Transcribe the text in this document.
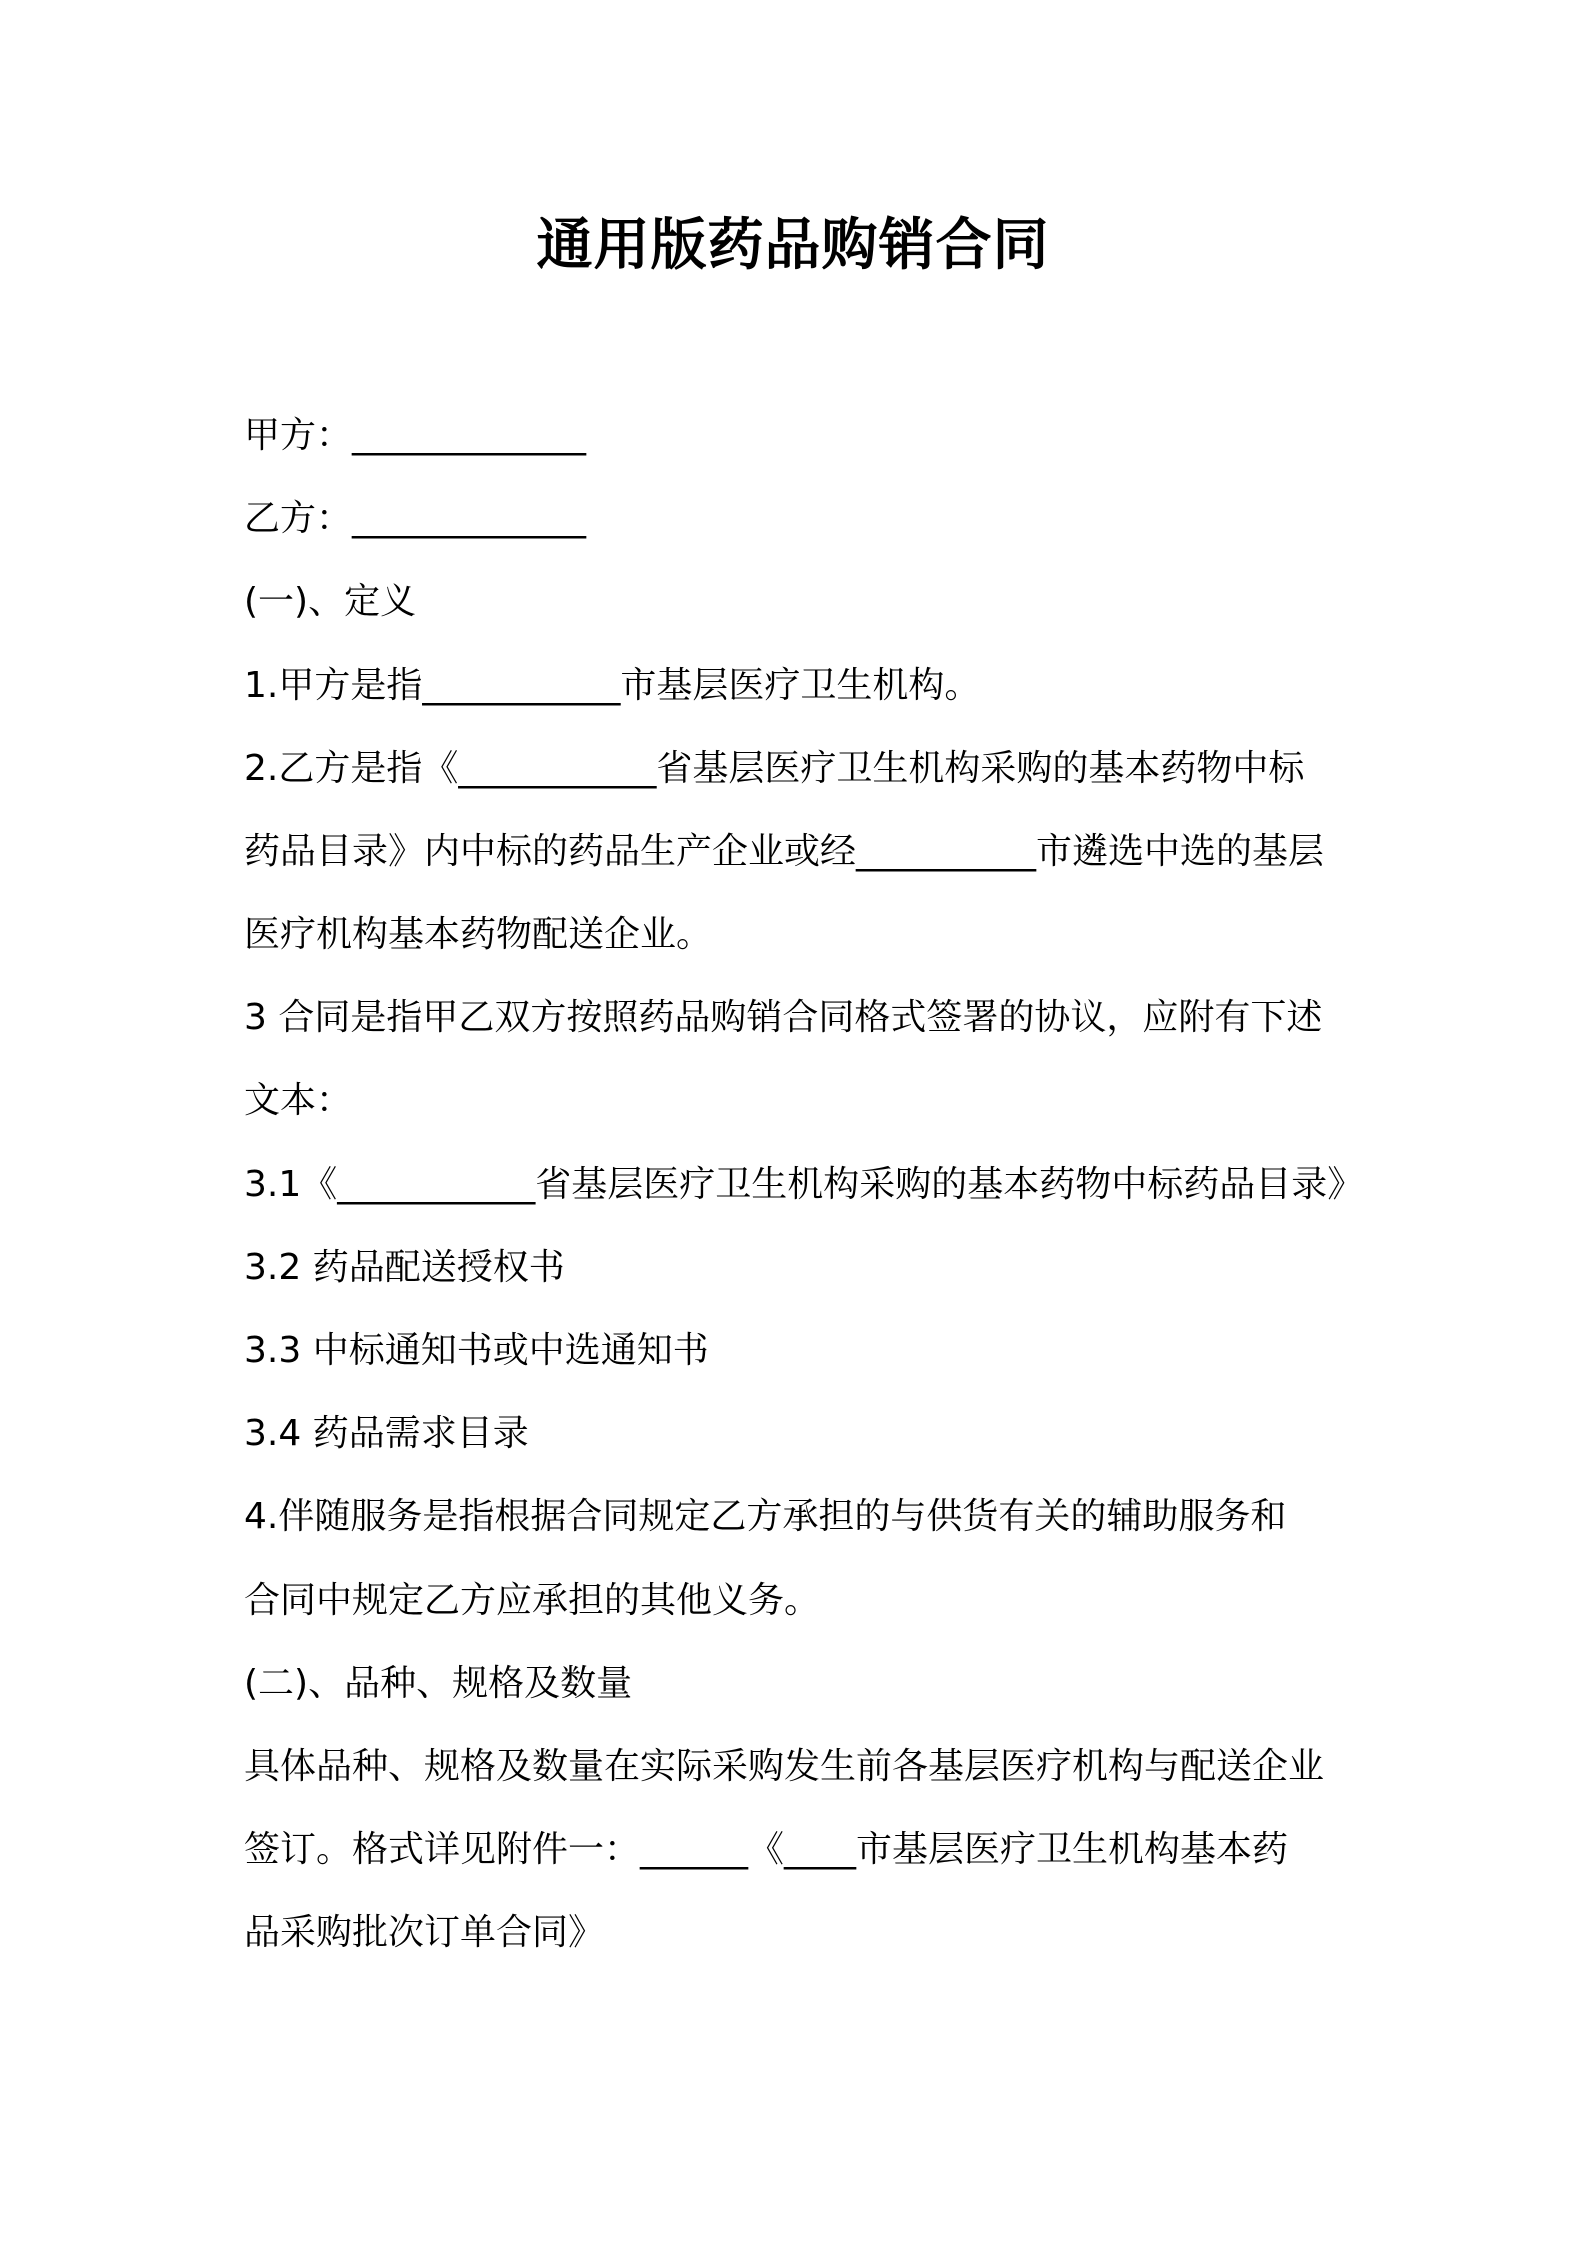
通用版药品购销合同

甲方：_____________

乙方：_____________

(一)、定义

1.甲方是指___________市基层医疗卫生机构。

2.乙方是指《___________省基层医疗卫生机构采购的基本药物中标

药品目录》内中标的药品生产企业或经__________市遴选中选的基层

医疗机构基本药物配送企业。

3 合同是指甲乙双方按照药品购销合同格式签署的协议，应附有下述

文本：

3.1《___________省基层医疗卫生机构采购的基本药物中标药品目录》

3.2 药品配送授权书

3.3 中标通知书或中选通知书

3.4 药品需求目录

4.伴随服务是指根据合同规定乙方承担的与供货有关的辅助服务和

合同中规定乙方应承担的其他义务。

(二)、品种、规格及数量

具体品种、规格及数量在实际采购发生前各基层医疗机构与配送企业

签订。格式详见附件一：______《____市基层医疗卫生机构基本药

品采购批次订单合同》
